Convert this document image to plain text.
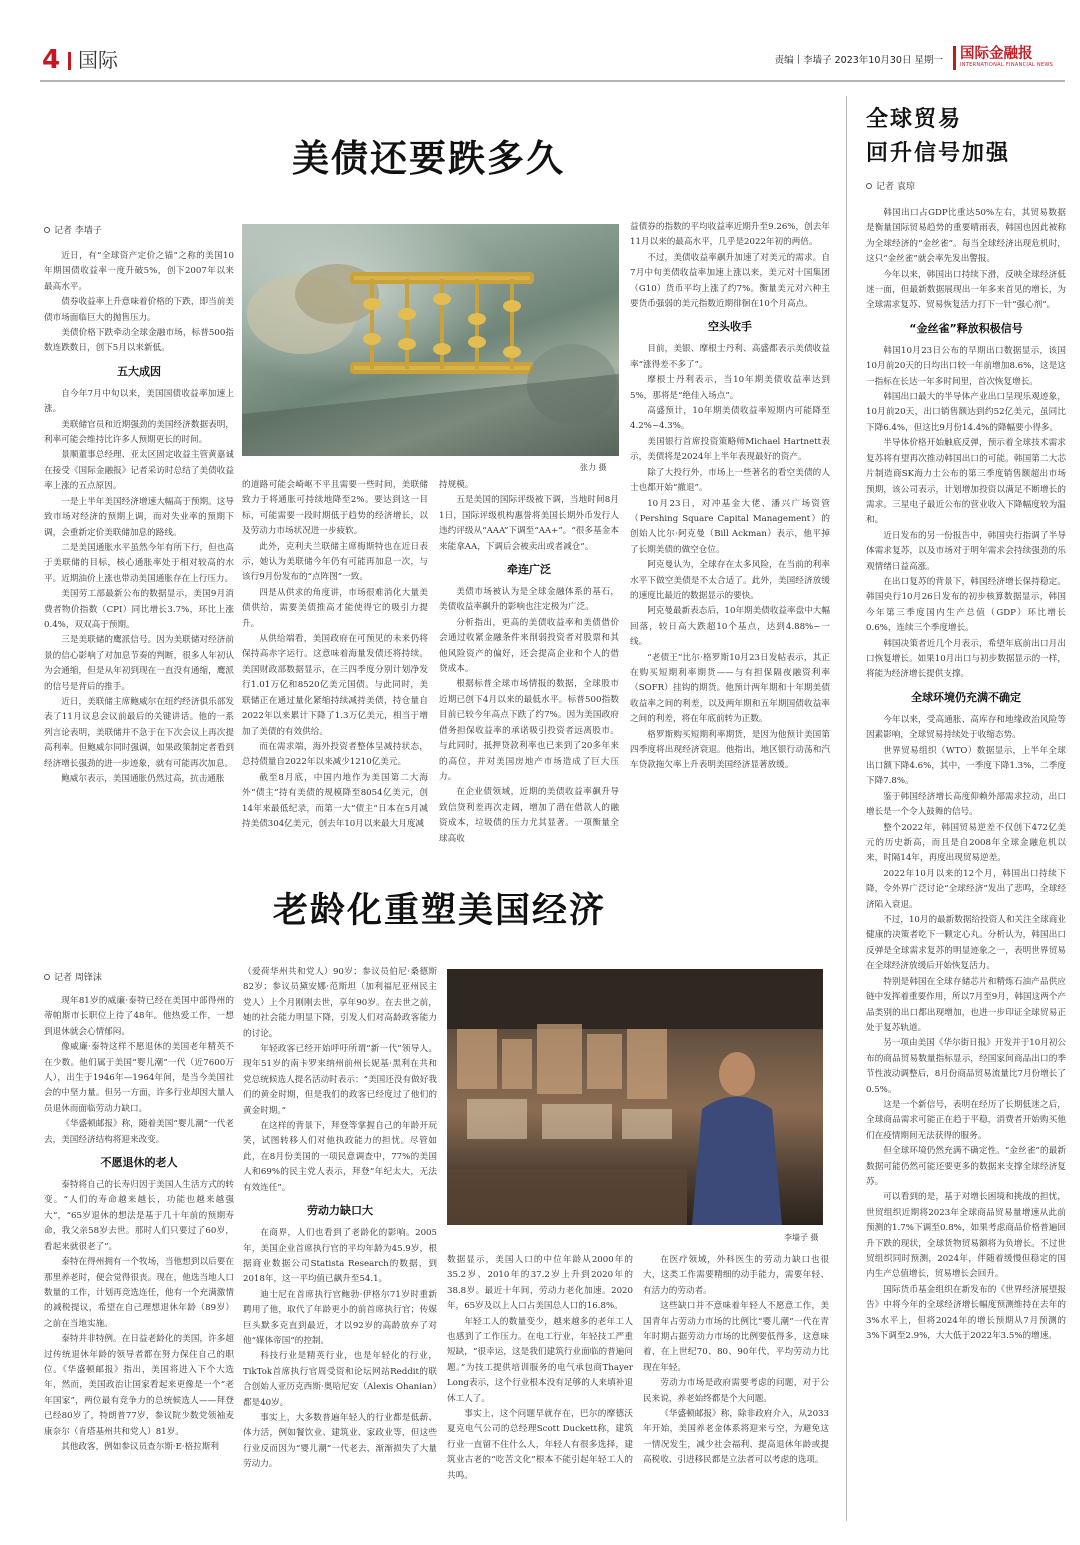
4 国际	责编丨李墙子 2023年10月30日 星期一 国际金融报
INTERNATIONAL FINANCIAL NEWS
美债还要跌多久
记者 李墙子

近日，有“全球资产定价之锚”之称的美国10年期国债收益率一度升破5%，创下2007年以来最高水平。

债券收益率上升意味着价格的下跌，即当前美债市场面临巨大的抛售压力。

美债价格下跌牵动全球金融市场，标普500指数连跌数日，创下5月以来新低。

五大成因

自今年7月中旬以来，美国国债收益率加速上涨。

美联储官员和近期强劲的美国经济数据表明，利率可能会维持比许多人预期更长的时间。

景顺董事总经理、亚太区固定收益主管黄嘉诚在接受《国际金融报》记者采访时总结了美债收益率上涨的五点原因。

一是上半年美国经济增速大幅高于预期。这导致市场对经济的预期上调，而对失业率的预期下调，会重新定价美联储加息的路线。

二是美国通胀水平虽然今年有所下行，但也高于美联储的目标，核心通胀率处于相对较高的水平。近期油价上涨也带动美国通胀存在上行压力。

美国劳工部最新公布的数据显示，美国9月消费者物价指数（CPI）同比增长3.7%，环比上涨0.4%，双双高于预期。

三是美联储的鹰派信号。因为美联储对经济前景的信心影响了对加息节奏的判断，很多人年初认为会通缩，但是从年初到现在一直没有通缩，鹰派的信号是背后的推手。

近日，美联储主席鲍威尔在纽约经济俱乐部发表了11月议息会议前最后的关键讲话。他的一系列言论表明，美联储并不急于在下次会议上再次提高利率。但鲍威尔同时强调，如果政策制定者看到经济增长强劲的进一步迹象，就有可能再次加息。

鲍威尔表示，美国通胀仍然过高，抗击通胀

张力 摄

的道路可能会崎岖不平且需要一些时间，美联储致力于将通胀可持续地降至2%。要达到这一目标，可能需要一段时期低于趋势的经济增长，以及劳动力市场状况进一步疲软。

此外，克利夫兰联储主席梅斯特也在近日表示，她认为美联储今年仍有可能再加息一次，与该行9月份发布的“点阵图”一致。

四是从供求的角度讲，市场很难消化大量美债供给，需要美债推高才能使得它的吸引力提升。

从供给端看，美国政府在可预见的未来仍将保持高赤字运行。这意味着海量发债还将持续。美国财政部数据显示，在三四季度分别计划净发行1.01万亿和8520亿美元国债。与此同时，美联储正在通过量化紧缩持续减持美债，持仓量自2022年以来累计下降了1.3万亿美元，相当于增加了美债的有效供给。

而在需求端，海外投资者整体呈减持状态，总持债量自2022年以来减少1210亿美元。

截至8月底，中国内地作为美国第二大海外“债主”持有美债的规模降至8054亿美元，创14年来最低纪录，而第一大“债主”日本在5月减持美债304亿美元，创去年10月以来最大月度减

持规模。

五是美国的国际评级被下调，当地时间8月1日，国际评级机构惠誉将美国长期外币发行人违约评级从“AAA”下调至“AA+”。“很多基金本来能拿AA，下调后会被卖出或者减仓”。

牵连广泛

美债市场被认为是全球金融体系的基石，美债收益率飙升的影响也注定极为广泛。

分析指出，更高的美债收益率和美债借价会通过收紧金融条件来削弱投资者对股票和其他风险资产的偏好，还会提高企业和个人的借贷成本。

根据标普全球市场情报的数据，全球股市近期已创下4月以来的最低水平。标普500指数目前已较今年高点下跌了约7%。因为美国政府借务担保收益率的承诺吸引投资者远离股市。与此同时，抵押贷款利率也已来到了20多年来的高位，并对美国房地产市场造成了巨大压力。

在企业债领域，近期的美债收益率飙升导致信贷利差再次走阔，增加了潜在借款人的融资成本，垃圾债的压力尤其显著。一项衡量全球高收

益债券的指数的平均收益率近期升至9.26%，创去年11月以来的最高水平，几乎是2022年初的两倍。

不过，美债收益率飙升加速了对美元的需求。自7月中旬美债收益率加速上涨以来，美元对十国集团（G10）货币平均上涨了约7%。衡量美元对六种主要货币强弱的美元指数近期徘徊在10个月高点。

空头收手

目前，美银、摩根士丹利、高盛都表示美债收益率“涨得差不多了”。

摩根士丹利表示，当10年期美债收益率达到5%，那将是“绝佳入场点”。

高盛预计，10年期美债收益率短期内可能降至4.2%~4.3%。

美国银行首席投资策略师Michael Hartnett表示，美债将是2024年上半年表现最好的资产。

除了大投行外，市场上一些著名的看空美债的人士也都开始“撤退”。

10月23日，对冲基金大佬、潘兴广场资管（Pershing Square Capital Management）的创始人比尔·阿克曼（Bill Ackman）表示，他平掉了长期美债的做空仓位。

阿克曼认为，全球存在太多风险，在当前的利率水平下做空美债是不太合适了。此外，美国经济放缓的速度比最近的数据显示的要快。

阿克曼最新表态后，10年期美债收益率盘中大幅回落，较日高大跌超10个基点，达到4.88%~一线。

“老债王”比尔·格罗斯10月23日发帖表示，其正在购买短期利率期货——与有担保隔夜融资利率（SOFR）挂钩的期货。他预计两年期和十年期美债收益率之间的利差，以及两年期和五年期国债收益率之间的利差，将在年底前转为正数。

格罗斯购买短期利率期货，是因为他预计美国第四季度将出现经济衰退。他指出，地区银行动荡和汽车贷款拖欠率上升表明美国经济显著放缓。

老龄化重塑美国经济
记者 周锋沫

现年81岁的威廉·泰特已经在美国中部得州的蒂帕斯市长职位上待了48年。他热爱工作，一想到退休就会心情郁闷。

像威廉·泰特这样不愿退休的美国老年精英不在少数。他们属于美国“婴儿潮”一代（近7600万人），出生于1946年—1964年间，是当今美国社会的中坚力量。但另一方面，许多行业却因大量人员退休而面临劳动力缺口。

《华盛顿邮报》称，随着美国“婴儿潮”一代老去，美国经济结构将迎来改变。

不愿退休的老人

泰特将自己的长寿归因于美国人生活方式的转变。“人们的寿命越来越长，功能也越来越强大”，“65岁退休的想法是基于几十年前的预期寿命，我父亲58岁去世。那时人们只要过了60岁，看起来就很老了”。

泰特在得州拥有一个牧场，当他想到以后要在那里养老时，便会觉得很丧。现在，他选当地人口数量的工作，计划再竞选连任，他有一个充满激情的减税提议，希望在自己理想退休年龄（89岁）之前在当地实施。

泰特并非特例。在日益老龄化的美国，许多超过传统退休年龄的领导者都在努力保住自己的职位。《华盛顿邮报》指出，美国将进入下个大选年，然而，美国政治让国家看起来更像是一个“老年国家”，两位最有竞争力的总统候选人——拜登已经80岁了，特朗普77岁，参议院少数党领袖麦康奈尔（肯塔基州共和党人）81岁。

其他政客，例如参议员查尔斯·E·格拉斯利

（爱荷华州共和党人）90岁；参议员伯尼·桑德斯82岁；参议员黛安娜·范斯坦（加利福尼亚州民主党人）上个月刚刚去世，享年90岁。在去世之前，她的社会能力明显下降，引发人们对高龄政客能力的讨论。

年轻政客已经开始呼吁所谓“新一代”领导人。现年51岁的南卡罗来纳州前州长妮基·黑利在共和党总统候选人提名活动时表示：“美国还没有做好我们的黄金时期，但是我们的政客已经度过了他们的黄金时期。”

在这样的背景下，拜登等掌握自己的年龄开玩笑，试图转移人们对他执政能力的担忧。尽管如此，在8月份美国的一项民意调查中，77%的美国人和69%的民主党人表示，拜登“年纪太大，无法有效连任”。

劳动力缺口大

在商界，人们也看到了老龄化的影响。2005年，美国企业首席执行官的平均年龄为45.9岁，根据商业数据公司Statista Research的数据，到2018年，这一平均值已飙升至54.1。

迪士尼在首席执行官鲍勃·伊格尔71岁时重新聘用了他，取代了年龄更小的前首席执行官；传媒巨头默多克直到最近，才以92岁的高龄放弃了对他“媒体帝国”的控制。

科技行业是精英行业，也是年轻化的行业，TikTok首席执行官周受资和论坛网站Reddit的联合创始人亚历克西斯·奥哈尼安（Alexis Ohanian）都是40岁。

事实上，大多数普遍年轻人的行业都是低薪、体力活，例如餐饮业、建筑业、家政业等，但这些行业反而因为“婴儿潮”一代老去，渐渐损失了大量劳动力。

李墙子 摄

数据显示，美国人口的中位年龄从2000年的35.2岁、2010年的37.2岁上升到2020年的38.8岁。最近十年间，劳动力老化加速。2020年，65岁及以上人口占美国总人口的16.8%。

年轻工人的数量变少，越来越多的老年工人也感到了工作压力。在电工行业，年轻技工严重短缺，“很幸运，这是我们建筑行业面临的普遍问题。”为技工提供培训服务的电气承包商Thayer Long表示，这个行业根本没有足够的人来填补退休工人了。

事实上，这个问题早就存在，巴尔的摩德沃夏克电气公司的总经理Scott Duckett称，建筑行业一直留不住什么人，年轻人有很多选择，建筑业古老的“吃苦文化”根本不能引起年轻工人的共鸣。

在医疗领域，外科医生的劳动力缺口也很大，这类工作需要精细的动手能力，需要年轻、有活力的劳动者。

这些缺口并不意味着年轻人不愿意工作，美国青年占劳动力市场的比例比“婴儿潮”一代在青年时期占据劳动力市场的比例要低得多，这意味着，在上世纪70、80、90年代，平均劳动力比现在年轻。

劳动力市场是政府需要考虑的问题，对于公民来说，养老始终都是个大问题。

《华盛顿邮报》称，除非政府介入，从2033年开始，美国养老金体系将迎来亏空，为避免这一情况发生，减少社会福利、提高退休年龄或提高税收、引进移民都是立法者可以考虑的选项。

全球贸易
回升信号加强
记者 袁琼

韩国出口占GDP比重达50%左右，其贸易数据是衡量国际贸易趋势的重要晴雨表，韩国也因此被称为全球经济的“金丝雀”。每当全球经济出现危机时，这只“金丝雀”就会率先发出警报。

今年以来，韩国出口持续下滑，反映全球经济低迷一面，但最新数据展现出一年多来首见的增长，为全球需求复苏、贸易恢复活力打下一针“强心剂”。

“金丝雀”释放积极信号

韩国10月23日公布的早期出口数据显示，该国10月前20天的日均出口较一年前增加8.6%，这是这一指标在长达一年多时间里，首次恢复增长。

韩国出口最大的半导体产业出口呈现乐观迹象，10月前20天，出口销售额达到约52亿美元，虽同比下降6.4%，但这比9月份14.4%的降幅要小得多。

半导体价格开始触底反弹，预示着全球技术需求复苏将有望再次推动韩国出口的可能。韩国第二大芯片制造商SK海力士公布的第三季度销售额超出市场预期，该公司表示，计划增加投资以满足不断增长的需求。三星电子最近公布的营业收入下降幅度较为温和。

近日发布的另一份报告中，韩国央行指调了半导体需求复苏，以及市场对于明年需求会持续强劲的乐观情绪日益高涨。

在出口复苏的背景下，韩国经济增长保持稳定。韩国央行10月26日发布的初步核算数据显示，韩国今年第三季度国内生产总值（GDP）环比增长0.6%，连续三个季度增长。

韩国决策者近几个月表示，希望年底前出口月出口恢复增长。如果10月出口与初步数据显示的一样，将能为经济增长提供支撑。

全球环境仍充满不确定

今年以来，受高通胀、高库存和地缘政治风险等因素影响，全球贸易持续处于收缩态势。

世界贸易组织（WTO）数据显示，上半年全球出口额下降4.6%，其中，一季度下降1.3%，二季度下降7.8%。

鉴于韩国经济增长高度仰赖外部需求拉动，出口增长是一个令人鼓舞的信号。

整个2022年，韩国贸易逆差不仅创下472亿美元的历史新高，而且是自2008年全球金融危机以来，时隔14年，再度出现贸易逆差。

2022年10月以来的12个月，韩国出口持续下降，令外界广泛讨论“全球经济”发出了悲鸣，全球经济陷入衰退。

不过，10月的最新数据给投资人和关注全球商业健康的决策者吃下一颗定心丸。分析认为，韩国出口反弹是全球需求复苏的明显迹象之一，表明世界贸易在全球经济放缓后开始恢复活力。

特别是韩国在全球存储芯片和精炼石油产品供应链中发挥着重要作用，所以7月至9月，韩国这两个产品类别的出口都出现增加，也进一步印证全球贸易正处于复苏轨道。

另一项由美国《华尔街日报》开发并于10月初公布的商品贸易数量指标显示，经国家间商品出口的季节性波动调整后，8月份商品贸易流量比7月份增长了0.5%。

这是一个新信号，表明在经历了长期低迷之后，全球商品需求可能正在趋于平稳，消费者开始购买他们在疫情期间无法获得的服务。

但全球环境仍然充满不确定性。“金丝雀”的最新数据可能仍然可能还要更多的数据来支撑全球经济复苏。

可以看到的是，基于对增长困境和挑战的担忧，世贸组织近期将2023年全球商品贸易量增速从此前预测的1.7%下调至0.8%，如果考虑商品价格普遍回升下跌的现状，全球货物贸易额将为负增长。不过世贸组织同时预测，2024年，伴随着缓慢但稳定的国内生产总值增长，贸易增长会回升。

国际货币基金组织在新发布的《世界经济展望报告》中将今年的全球经济增长幅度预测维持在去年的3%水平上，但将2024年的增长预期从7月预测的3%下调至2.9%，大大低于2022年3.5%的增速。
